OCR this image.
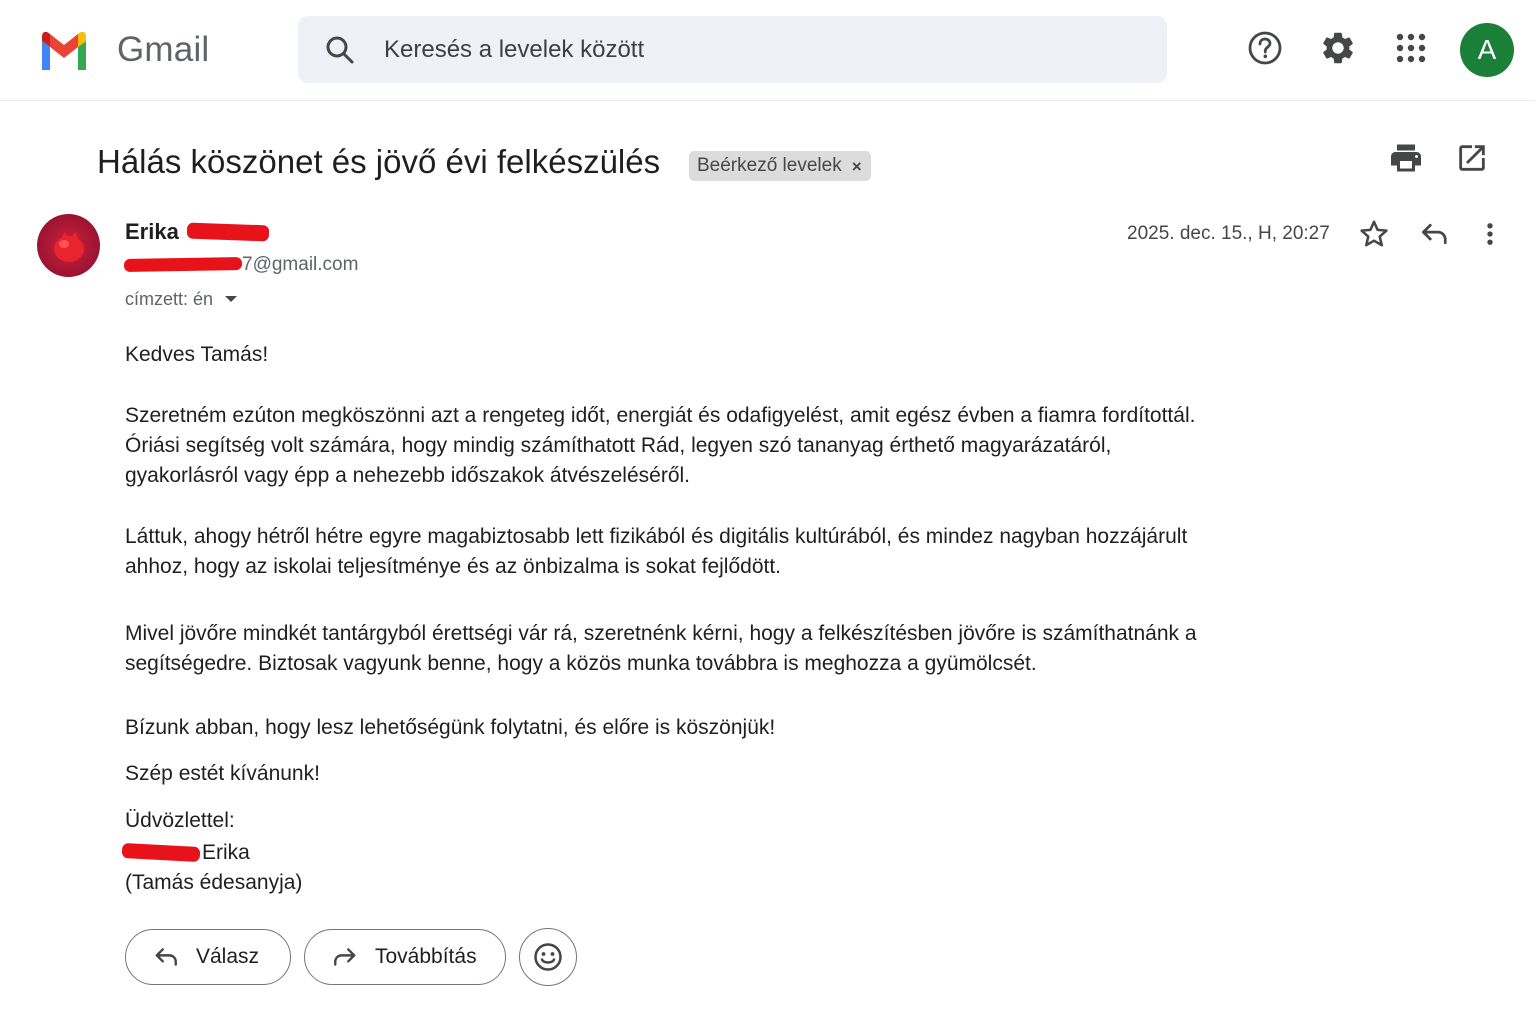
Gmail
Keresés a levelek között	A
Hálás köszönet és jövő évi felkészülés Beérkező levelek ×
Erika
7@gmail.com
címzett: én
2025. dec. 15., H, 20:27
Kedves Tamás!
Szeretném ezúton megköszönni azt a rengeteg időt, energiát és odafigyelést, amit egész évben a fiamra fordítottál.
Óriási segítség volt számára, hogy mindig számíthatott Rád, legyen szó tananyag érthető magyarázatáról,
gyakorlásról vagy épp a nehezebb időszakok átvészeléséről.
Láttuk, ahogy hétről hétre egyre magabiztosabb lett fizikából és digitális kultúrából, és mindez nagyban hozzájárult
ahhoz, hogy az iskolai teljesítménye és az önbizalma is sokat fejlődött.
Mivel jövőre mindkét tantárgyból érettségi vár rá, szeretnénk kérni, hogy a felkészítésben jövőre is számíthatnánk a
segítségedre. Biztosak vagyunk benne, hogy a közös munka továbbra is meghozza a gyümölcsét.
Bízunk abban, hogy lesz lehetőségünk folytatni, és előre is köszönjük!
Szép estét kívánunk!
Üdvözlettel:
Erika
(Tamás édesanyja)
Válasz	Továbbítás
